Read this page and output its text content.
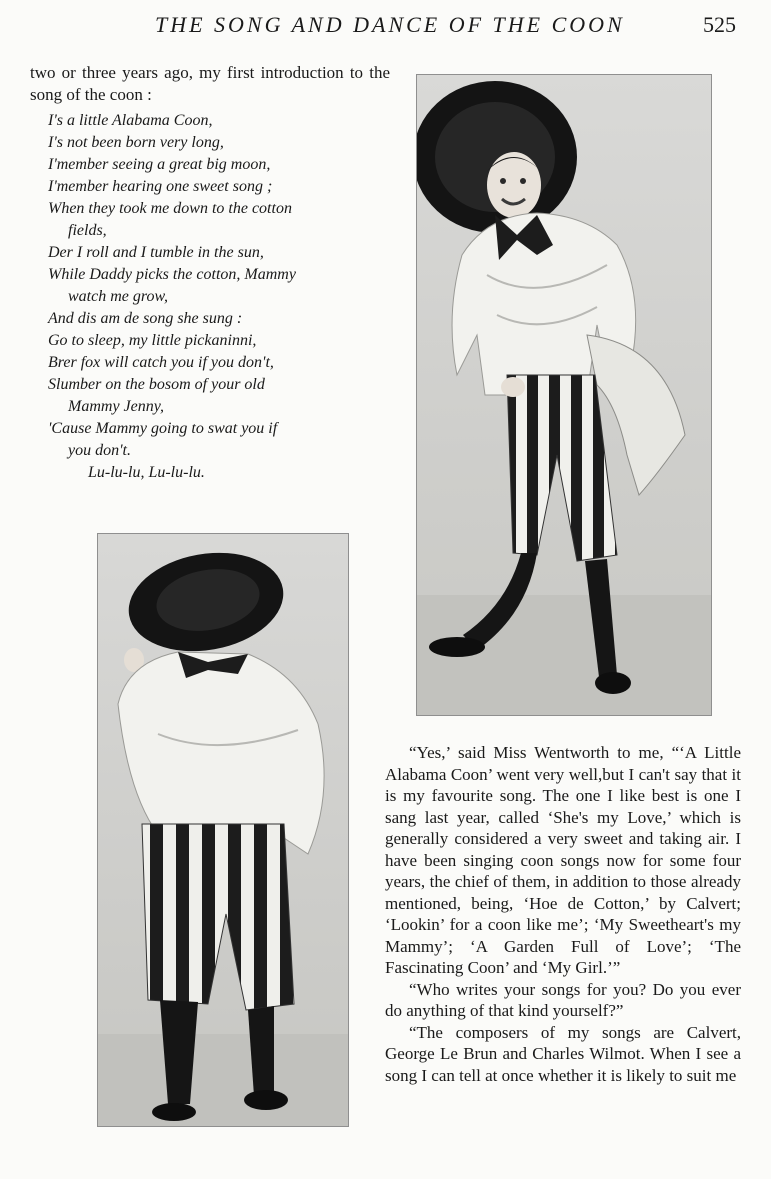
THE SONG AND DANCE OF THE COON	525
two or three years ago, my first introduction to the song of the coon :
I's a little Alabama Coon,
I's not been born very long,
I'member seeing a great big moon,
I'member hearing one sweet song ;
When they took me down to the cotton
fields,
Der I roll and I tumble in the sun,
While Daddy picks the cotton, Mammy
watch me grow,
And dis am de song she sung :
Go to sleep, my little pickaninni,
Brer fox will catch you if you don't,
Slumber on the bosom of your old
Mammy Jenny,
'Cause Mammy going to swat you if
you don't.
Lu-lu-lu, Lu-lu-lu.

“Yes,’ said Miss Wentworth to me, “‘A Little Alabama Coon’ went very well,but I can't say that it is my favourite song. The one I like best is one I sang last year, called ‘She's my Love,’ which is generally considered a very sweet and taking air. I have been singing coon songs now for some four years, the chief of them, in addition to those already mentioned, being, ‘Hoe de Cotton,’ by Calvert; ‘Lookin’ for a coon like me’; ‘My Sweetheart's my Mammy’; ‘A Garden Full of Love’; ‘The Fascinating Coon’ and ‘My Girl.’”

“Who writes your songs for you? Do you ever do anything of that kind yourself?”

“The composers of my songs are Calvert, George Le Brun and Charles Wilmot. When I see a song I can tell at once whether it is likely to suit me
